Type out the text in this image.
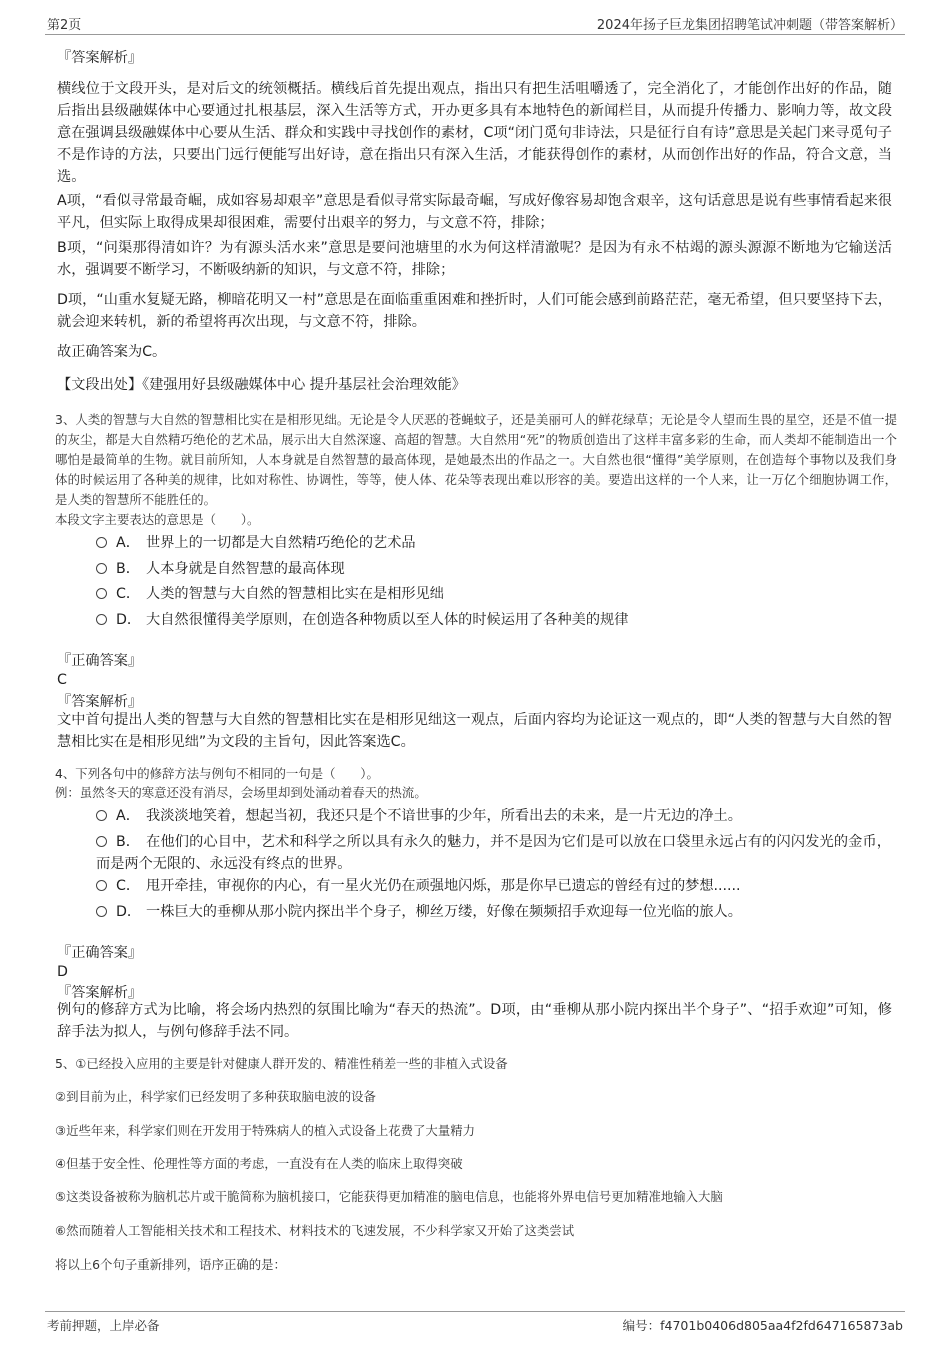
第2页	2024年扬子巨龙集团招聘笔试冲刺题（带答案解析）
『答案解析』

横线位于文段开头，是对后文的统领概括。横线后首先提出观点，指出只有把生活咀嚼透了，完全消化了，才能创作出好的作品，随后指出县级融媒体中心要通过扎根基层，深入生活等方式，开办更多具有本地特色的新闻栏目，从而提升传播力、影响力等，故文段意在强调县级融媒体中心要从生活、群众和实践中寻找创作的素材，C项“闭门觅句非诗法，只是征行自有诗”意思是关起门来寻觅句子不是作诗的方法，只要出门远行便能写出好诗，意在指出只有深入生活，才能获得创作的素材，从而创作出好的作品，符合文意，当选。

A项，“看似寻常最奇崛，成如容易却艰辛”意思是看似寻常实际最奇崛，写成好像容易却饱含艰辛，这句话意思是说有些事情看起来很平凡，但实际上取得成果却很困难，需要付出艰辛的努力，与文意不符，排除；

B项，“问渠那得清如许？为有源头活水来”意思是要问池塘里的水为何这样清澈呢？是因为有永不枯竭的源头源源不断地为它输送活水，强调要不断学习，不断吸纳新的知识，与文意不符，排除；

D项，“山重水复疑无路，柳暗花明又一村”意思是在面临重重困难和挫折时，人们可能会感到前路茫茫，毫无希望，但只要坚持下去，就会迎来转机，新的希望将再次出现，与文意不符，排除。

故正确答案为C。

【文段出处】《建强用好县级融媒体中心 提升基层社会治理效能》

3、人类的智慧与大自然的智慧相比实在是相形见绌。无论是令人厌恶的苍蝇蚊子，还是美丽可人的鲜花绿草；无论是令人望而生畏的星空，还是不值一提的灰尘，都是大自然精巧绝伦的艺术品，展示出大自然深邃、高超的智慧。大自然用“死”的物质创造出了这样丰富多彩的生命，而人类却不能制造出一个哪怕是最简单的生物。就目前所知，人本身就是自然智慧的最高体现，是她最杰出的作品之一。大自然也很“懂得”美学原则，在创造每个事物以及我们身体的时候运用了各种美的规律，比如对称性、协调性，等等，使人体、花朵等表现出难以形容的美。要造出这样的一个人来，让一万亿个细胞协调工作，是人类的智慧所不能胜任的。
本段文字主要表达的意思是（　　）。
A． 世界上的一切都是大自然精巧绝伦的艺术品
B． 人本身就是自然智慧的最高体现
C． 人类的智慧与大自然的智慧相比实在是相形见绌
D． 大自然很懂得美学原则，在创造各种物质以至人体的时候运用了各种美的规律
『正确答案』
C
『答案解析』

文中首句提出人类的智慧与大自然的智慧相比实在是相形见绌这一观点，后面内容均为论证这一观点的，即“人类的智慧与大自然的智慧相比实在是相形见绌”为文段的主旨句，因此答案选C。

4、下列各句中的修辞方法与例句不相同的一句是（　　）。
例：虽然冬天的寒意还没有消尽，会场里却到处涌动着春天的热流。
A． 我淡淡地笑着，想起当初，我还只是个不谙世事的少年，所看出去的未来，是一片无边的净土。
B． 在他们的心目中，艺术和科学之所以具有永久的魅力，并不是因为它们是可以放在口袋里永远占有的闪闪发光的金币，而是两个无限的、永远没有终点的世界。
C． 甩开牵挂，审视你的内心，有一星火光仍在顽强地闪烁，那是你早已遗忘的曾经有过的梦想......
D． 一株巨大的垂柳从那小院内探出半个身子，柳丝万缕，好像在频频招手欢迎每一位光临的旅人。
『正确答案』
D
『答案解析』

例句的修辞方式为比喻，将会场内热烈的氛围比喻为“春天的热流”。D项，由“垂柳从那小院内探出半个身子”、“招手欢迎”可知，修辞手法为拟人，与例句修辞手法不同。

5、①已经投入应用的主要是针对健康人群开发的、精准性稍差一些的非植入式设备
②到目前为止，科学家们已经发明了多种获取脑电波的设备
③近些年来，科学家们则在开发用于特殊病人的植入式设备上花费了大量精力
④但基于安全性、伦理性等方面的考虑，一直没有在人类的临床上取得突破
⑤这类设备被称为脑机芯片或干脆简称为脑机接口，它能获得更加精准的脑电信息，也能将外界电信号更加精准地输入大脑
⑥然而随着人工智能相关技术和工程技术、材料技术的飞速发展，不少科学家又开始了这类尝试
将以上6个句子重新排列，语序正确的是：
考前押题，上岸必备	编号：f4701b0406d805aa4f2fd647165873ab
